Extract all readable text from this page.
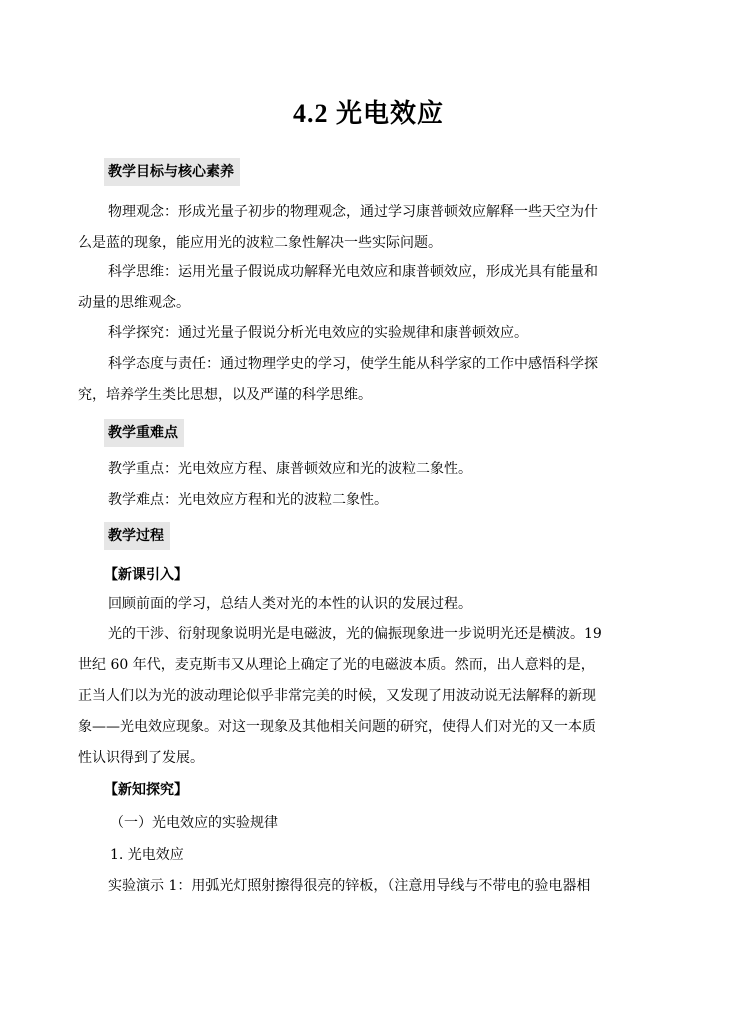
4.2 光电效应
教学目标与核心素养
物理观念：形成光量子初步的物理观念，通过学习康普顿效应解释一些天空为什
么是蓝的现象，能应用光的波粒二象性解决一些实际问题。
科学思维：运用光量子假说成功解释光电效应和康普顿效应，形成光具有能量和
动量的思维观念。
科学探究：通过光量子假说分析光电效应的实验规律和康普顿效应。
科学态度与责任：通过物理学史的学习，使学生能从科学家的工作中感悟科学探
究，培养学生类比思想，以及严谨的科学思维。
教学重难点
教学重点：光电效应方程、康普顿效应和光的波粒二象性。
教学难点：光电效应方程和光的波粒二象性。
教学过程
【新课引入】
回顾前面的学习，总结人类对光的本性的认识的发展过程。
光的干涉、衍射现象说明光是电磁波，光的偏振现象进一步说明光还是横波。19
世纪 60 年代，麦克斯韦又从理论上确定了光的电磁波本质。然而，出人意料的是，
正当人们以为光的波动理论似乎非常完美的时候，又发现了用波动说无法解释的新现
象——光电效应现象。对这一现象及其他相关问题的研究，使得人们对光的又一本质
性认识得到了发展。
【新知探究】
（一）光电效应的实验规律
1. 光电效应
实验演示 1：用弧光灯照射擦得很亮的锌板，（注意用导线与不带电的验电器相
